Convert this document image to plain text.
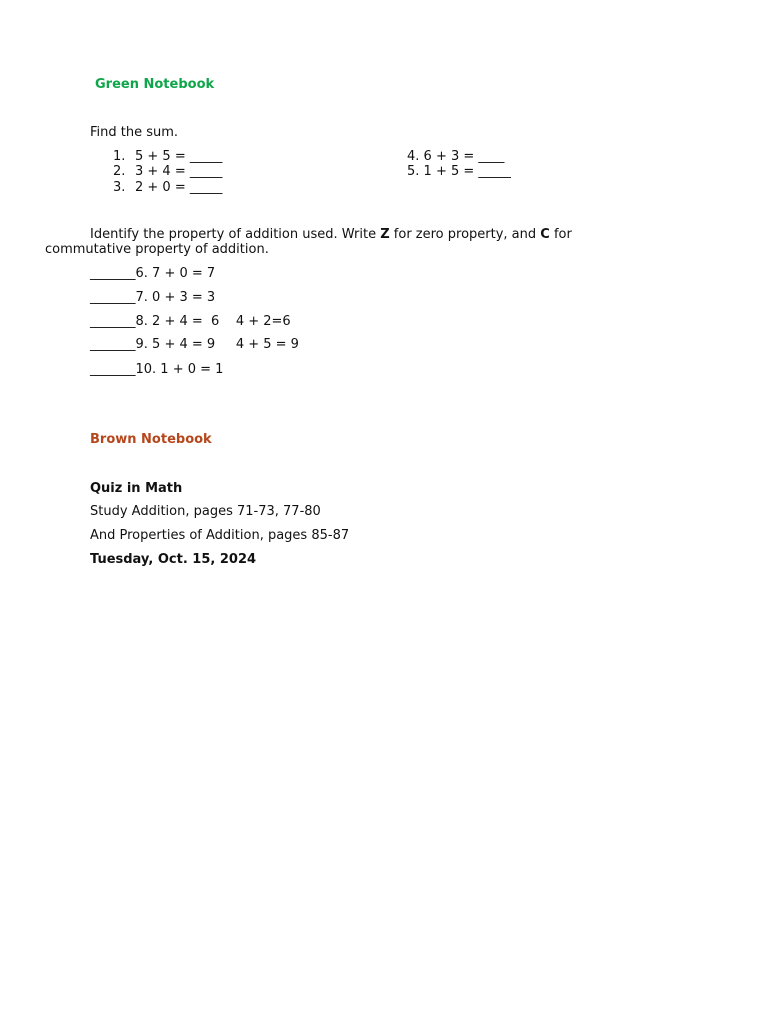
Green Notebook
Find the sum.
1. 5 + 5 = _____
2. 3 + 4 = _____
3. 2 + 0 = _____
4. 6 + 3 = ____
5. 1 + 5 = _____
Identify the property of addition used. Write Z for zero property, and C for
commutative property of addition.
_______6. 7 + 0 = 7
_______7. 0 + 3 = 3
_______8. 2 + 4 =  6    4 + 2=6
_______9. 5 + 4 = 9     4 + 5 = 9
_______10. 1 + 0 = 1
Brown Notebook
Quiz in Math
Study Addition, pages 71-73, 77-80
And Properties of Addition, pages 85-87
Tuesday, Oct. 15, 2024
